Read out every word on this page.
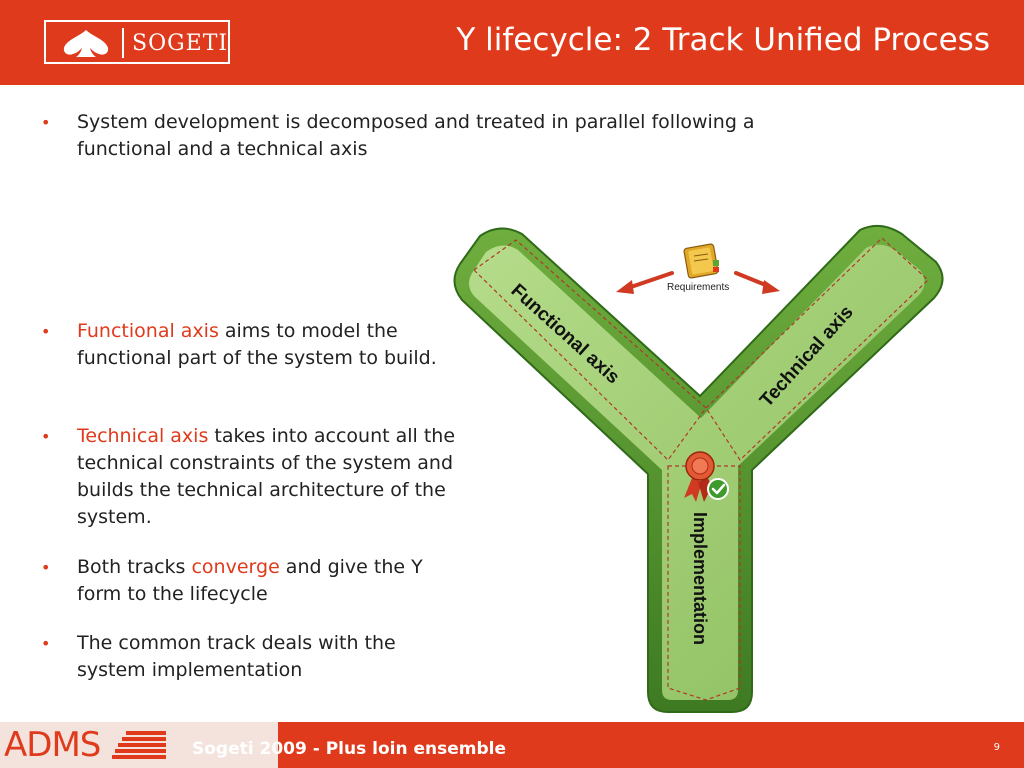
SOGETI	Y lifecycle: 2 Track Unified Process
• System development is decomposed and treated in parallel following a functional and a technical axis
• Functional axis aims to model the functional part of the system to build.
• Technical axis takes into account all the technical constraints of the system and builds the technical architecture of the system.
• Both tracks converge and give the Y form to the lifecycle
• The common track deals with the system implementation
Functional axis	Technical axis
Implementation
Requirements
ADMS	Sogeti 2009 - Plus loin ensemble	9
